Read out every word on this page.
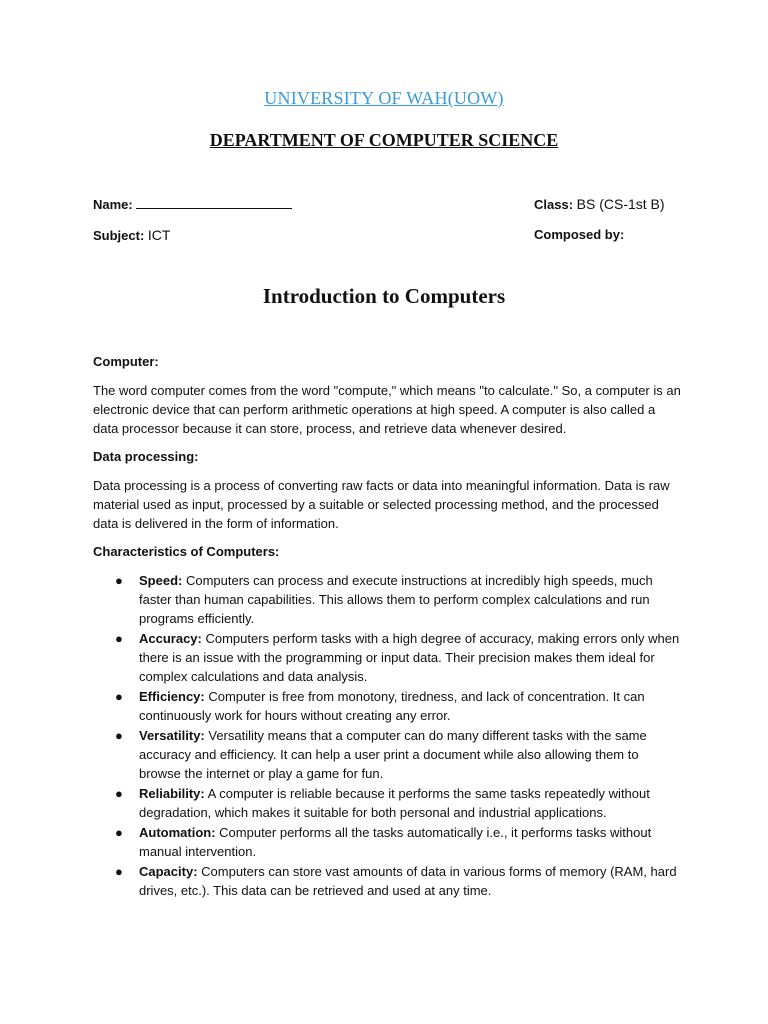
UNIVERSITY OF WAH(UOW)
DEPARTMENT OF COMPUTER SCIENCE
Name:	Class: BS (CS-1st B)
Subject: ICT	Composed by:
Introduction to Computers

Computer:

The word computer comes from the word "compute," which means "to calculate." So, a computer is an electronic device that can perform arithmetic operations at high speed. A computer is also called a data processor because it can store, process, and retrieve data whenever desired.

Data processing:

Data processing is a process of converting raw facts or data into meaningful information. Data is raw material used as input, processed by a suitable or selected processing method, and the processed data is delivered in the form of information.

Characteristics of Computers:

● Speed: Computers can process and execute instructions at incredibly high speeds, much faster than human capabilities. This allows them to perform complex calculations and run programs efficiently.
● Accuracy: Computers perform tasks with a high degree of accuracy, making errors only when there is an issue with the programming or input data. Their precision makes them ideal for complex calculations and data analysis.
● Efficiency: Computer is free from monotony, tiredness, and lack of concentration. It can continuously work for hours without creating any error.
● Versatility: Versatility means that a computer can do many different tasks with the same accuracy and efficiency. It can help a user print a document while also allowing them to browse the internet or play a game for fun.
● Reliability: A computer is reliable because it performs the same tasks repeatedly without degradation, which makes it suitable for both personal and industrial applications.
● Automation: Computer performs all the tasks automatically i.e., it performs tasks without manual intervention.
● Capacity: Computers can store vast amounts of data in various forms of memory (RAM, hard drives, etc.). This data can be retrieved and used at any time.
